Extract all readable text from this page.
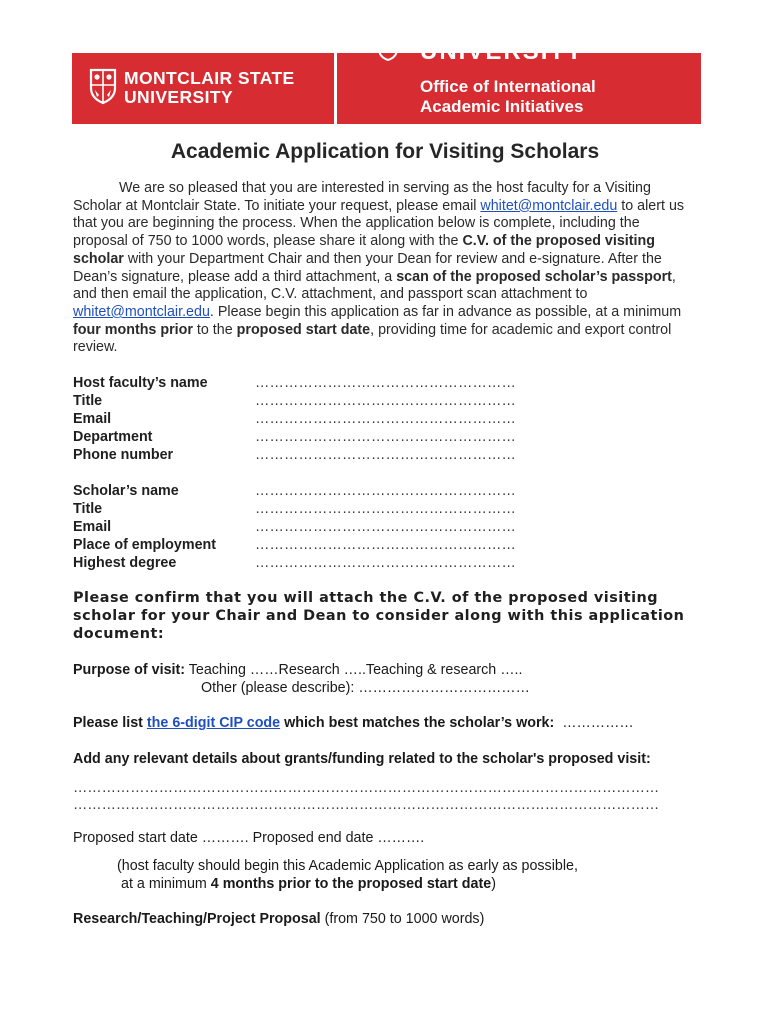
MONTCLAIR STATE
UNIVERSITY
UNIVERSITY
Office of International
Academic Initiatives
Academic Application for Visiting Scholars
We are so pleased that you are interested in serving as the host faculty for a Visiting Scholar at Montclair State. To initiate your request, please email whitet@montclair.edu to alert us that you are beginning the process. When the application below is complete, including the proposal of 750 to 1000 words, please share it along with the C.V. of the proposed visiting scholar with your Department Chair and then your Dean for review and e-signature. After the Dean’s signature, please add a third attachment, a scan of the proposed scholar’s passport, and then email the application, C.V. attachment, and passport scan attachment to whitet@montclair.edu. Please begin this application as far in advance as possible, at a minimum four months prior to the proposed start date, providing time for academic and export control review.
Host faculty’s name	………………………………………………
Title	………………………………………………
Email	………………………………………………
Department	………………………………………………
Phone number	………………………………………………
Scholar’s name	………………………………………………
Title	………………………………………………
Email	………………………………………………
Place of employment	………………………………………………
Highest degree	………………………………………………
Please confirm that you will attach the C.V. of the proposed visiting scholar for your Chair and Dean to consider along with this application document:
Purpose of visit: Teaching ……Research …..Teaching & research …..
Other (please describe): ………………………………
Please list the 6-digit CIP code which best matches the scholar’s work: ……………
Add any relevant details about grants/funding related to the scholar's proposed visit:
……………………………………………………………………………………………………………
……………………………………………………………………………………………………………
Proposed start date ………. Proposed end date ……….
(host faculty should begin this Academic Application as early as possible,
at a minimum 4 months prior to the proposed start date)
Research/Teaching/Project Proposal (from 750 to 1000 words)
